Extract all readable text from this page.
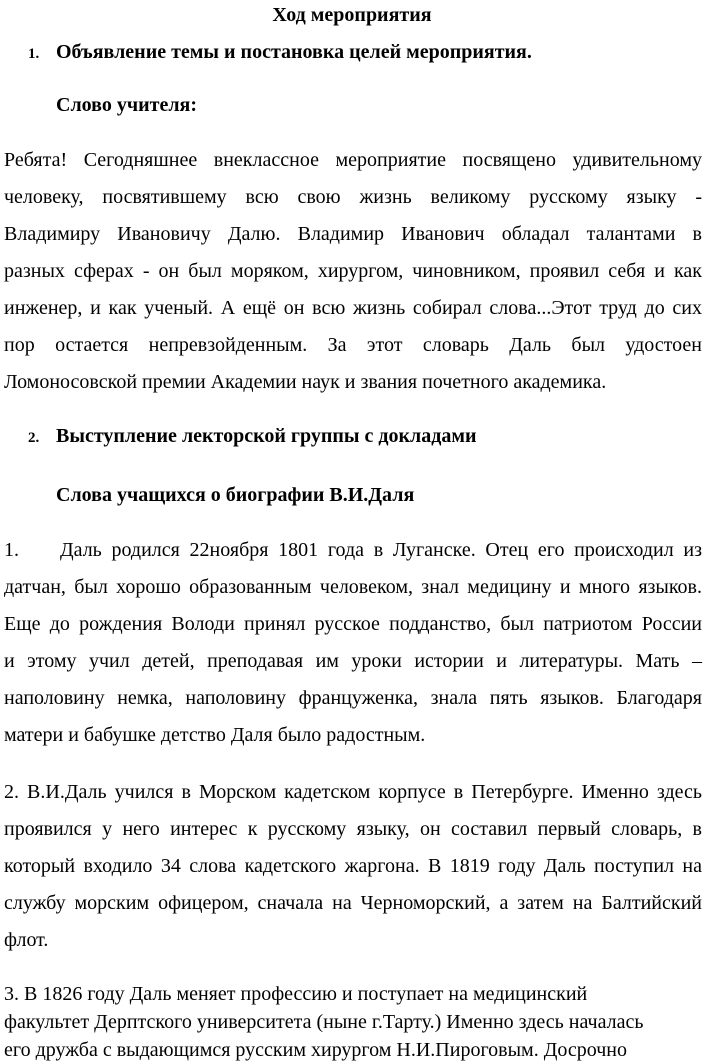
Ход мероприятия
1. Объявление темы и постановка целей мероприятия.
Слово учителя:
Ребята! Сегодняшнее внеклассное мероприятие посвящено удивительному
человеку, посвятившему всю свою жизнь великому русскому языку -
Владимиру Ивановичу Далю. Владимир Иванович обладал талантами в
разных сферах - он был моряком, хирургом, чиновником, проявил себя и как
инженер, и как ученый. А ещё он всю жизнь собирал слова...Этот труд до сих
пор остается непревзойденным. За этот словарь Даль был удостоен
Ломоносовской премии Академии наук и звания почетного академика.
2. Выступление лекторской группы с докладами
Слова учащихся о биографии В.И.Даля
1. Даль родился 22ноября 1801 года в Луганске. Отец его происходил из
датчан, был хорошо образованным человеком, знал медицину и много языков.
Еще до рождения Володи принял русское подданство, был патриотом России
и этому учил детей, преподавая им уроки истории и литературы. Мать –
наполовину немка, наполовину француженка, знала пять языков. Благодаря
матери и бабушке детство Даля было радостным.
2. В.И.Даль учился в Морском кадетском корпусе в Петербурге. Именно здесь
проявился у него интерес к русскому языку, он составил первый словарь, в
который входило 34 слова кадетского жаргона. В 1819 году Даль поступил на
службу морским офицером, сначала на Черноморский, а затем на Балтийский
флот.
3. В 1826 году Даль меняет профессию и поступает на медицинский
факультет Дерптского университета (ныне г.Тарту.) Именно здесь началась
его дружба с выдающимся русским хирургом Н.И.Пироговым. Досрочно
